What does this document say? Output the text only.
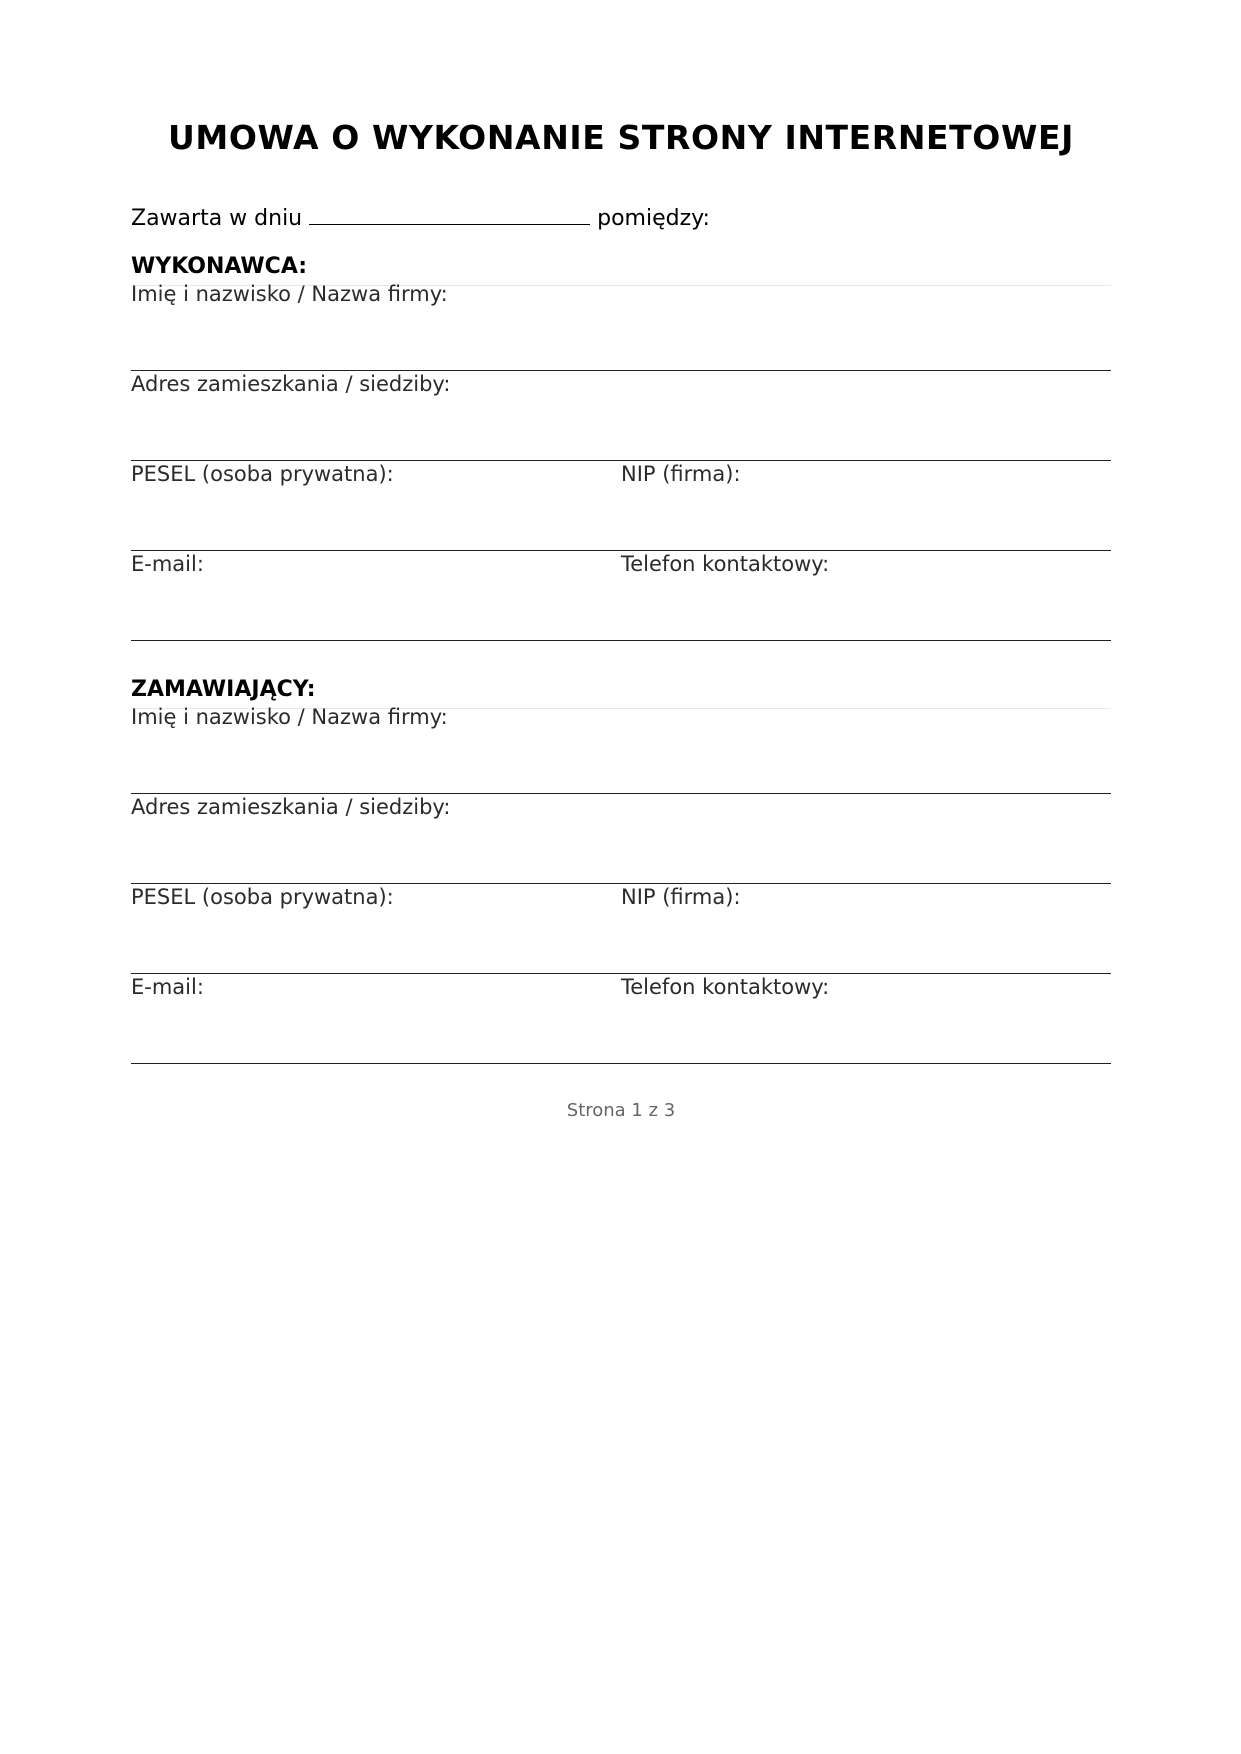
UMOWA O WYKONANIE STRONY INTERNETOWEJ
Zawarta w dniu	pomiędzy:
WYKONAWCA:
Imię i nazwisko / Nazwa firmy:
Adres zamieszkania / siedziby:
PESEL (osoba prywatna):	NIP (firma):
E-mail:	Telefon kontaktowy:
ZAMAWIAJĄCY:
Imię i nazwisko / Nazwa firmy:
Adres zamieszkania / siedziby:
PESEL (osoba prywatna):	NIP (firma):
E-mail:	Telefon kontaktowy:
Strona 1 z 3
